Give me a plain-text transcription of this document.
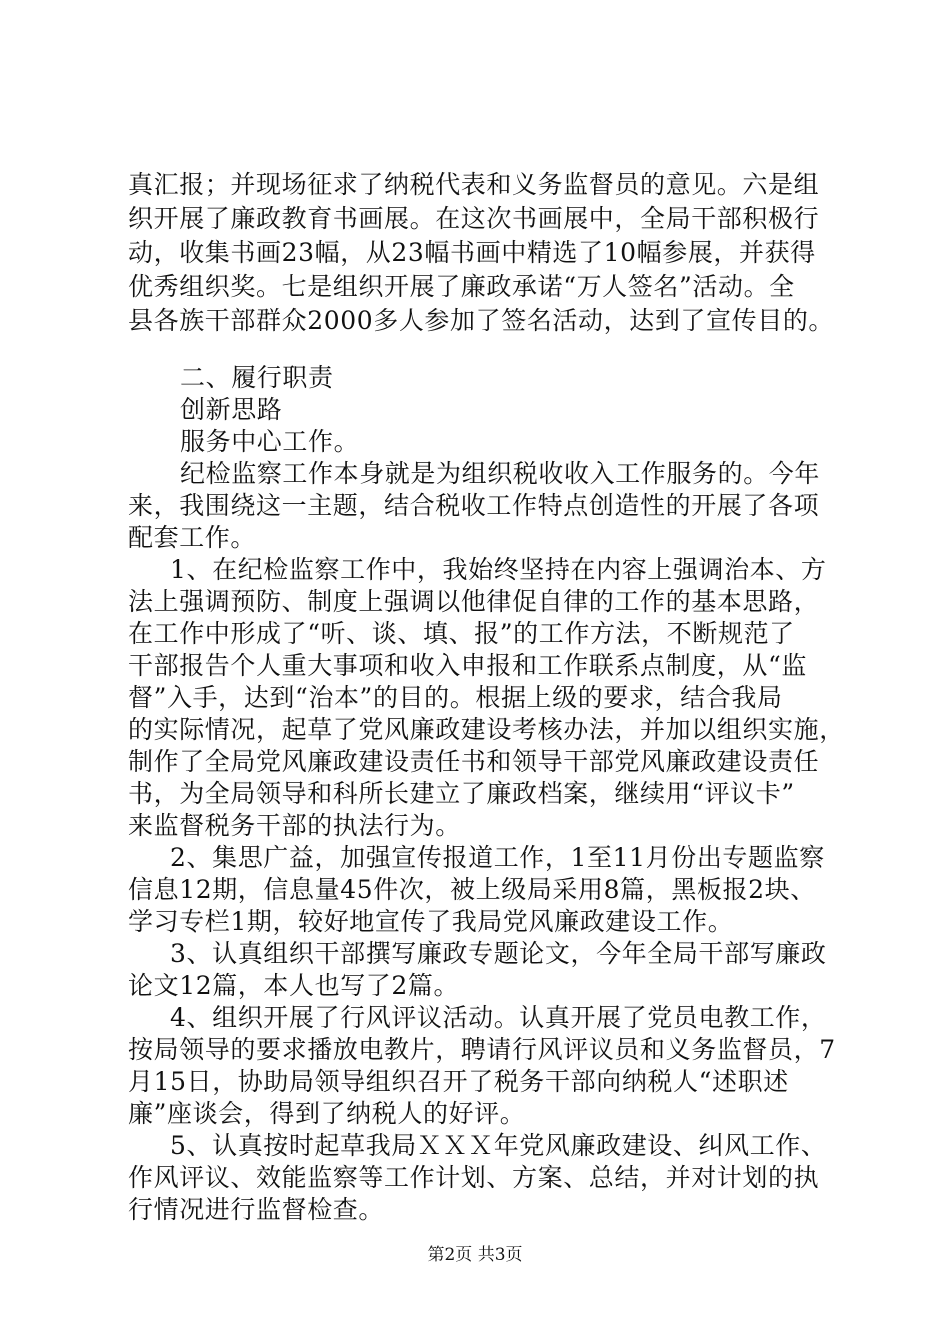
真汇报；并现场征求了纳税代表和义务监督员的意见。六是组
织开展了廉政教育书画展。在这次书画展中，全局干部积极行
动，收集书画23幅，从23幅书画中精选了10幅参展，并获得
优秀组织奖。七是组织开展了廉政承诺“万人签名”活动。全
县各族干部群众2000多人参加了签名活动，达到了宣传目的。
二、履行职责
创新思路
服务中心工作。
纪检监察工作本身就是为组织税收收入工作服务的。今年
来，我围绕这一主题，结合税收工作特点创造性的开展了各项
配套工作。
1、在纪检监察工作中，我始终坚持在内容上强调治本、方
法上强调预防、制度上强调以他律促自律的工作的基本思路，
在工作中形成了“听、谈、填、报”的工作方法，不断规范了
干部报告个人重大事项和收入申报和工作联系点制度，从“监
督”入手，达到“治本”的目的。根据上级的要求，结合我局
的实际情况，起草了党风廉政建设考核办法，并加以组织实施，
制作了全局党风廉政建设责任书和领导干部党风廉政建设责任
书，为全局领导和科所长建立了廉政档案，继续用“评议卡”
来监督税务干部的执法行为。
2、集思广益，加强宣传报道工作，1至11月份出专题监察
信息12期，信息量45件次，被上级局采用8篇，黑板报2块、
学习专栏1期，较好地宣传了我局党风廉政建设工作。
3、认真组织干部撰写廉政专题论文，今年全局干部写廉政
论文12篇，本人也写了2篇。
4、组织开展了行风评议活动。认真开展了党员电教工作，
按局领导的要求播放电教片，聘请行风评议员和义务监督员，7
月15日，协助局领导组织召开了税务干部向纳税人“述职述
廉”座谈会，得到了纳税人的好评。
5、认真按时起草我局ＸＸＸ年党风廉政建设、纠风工作、
作风评议、效能监察等工作计划、方案、总结，并对计划的执
行情况进行监督检查。
第2页 共3页
